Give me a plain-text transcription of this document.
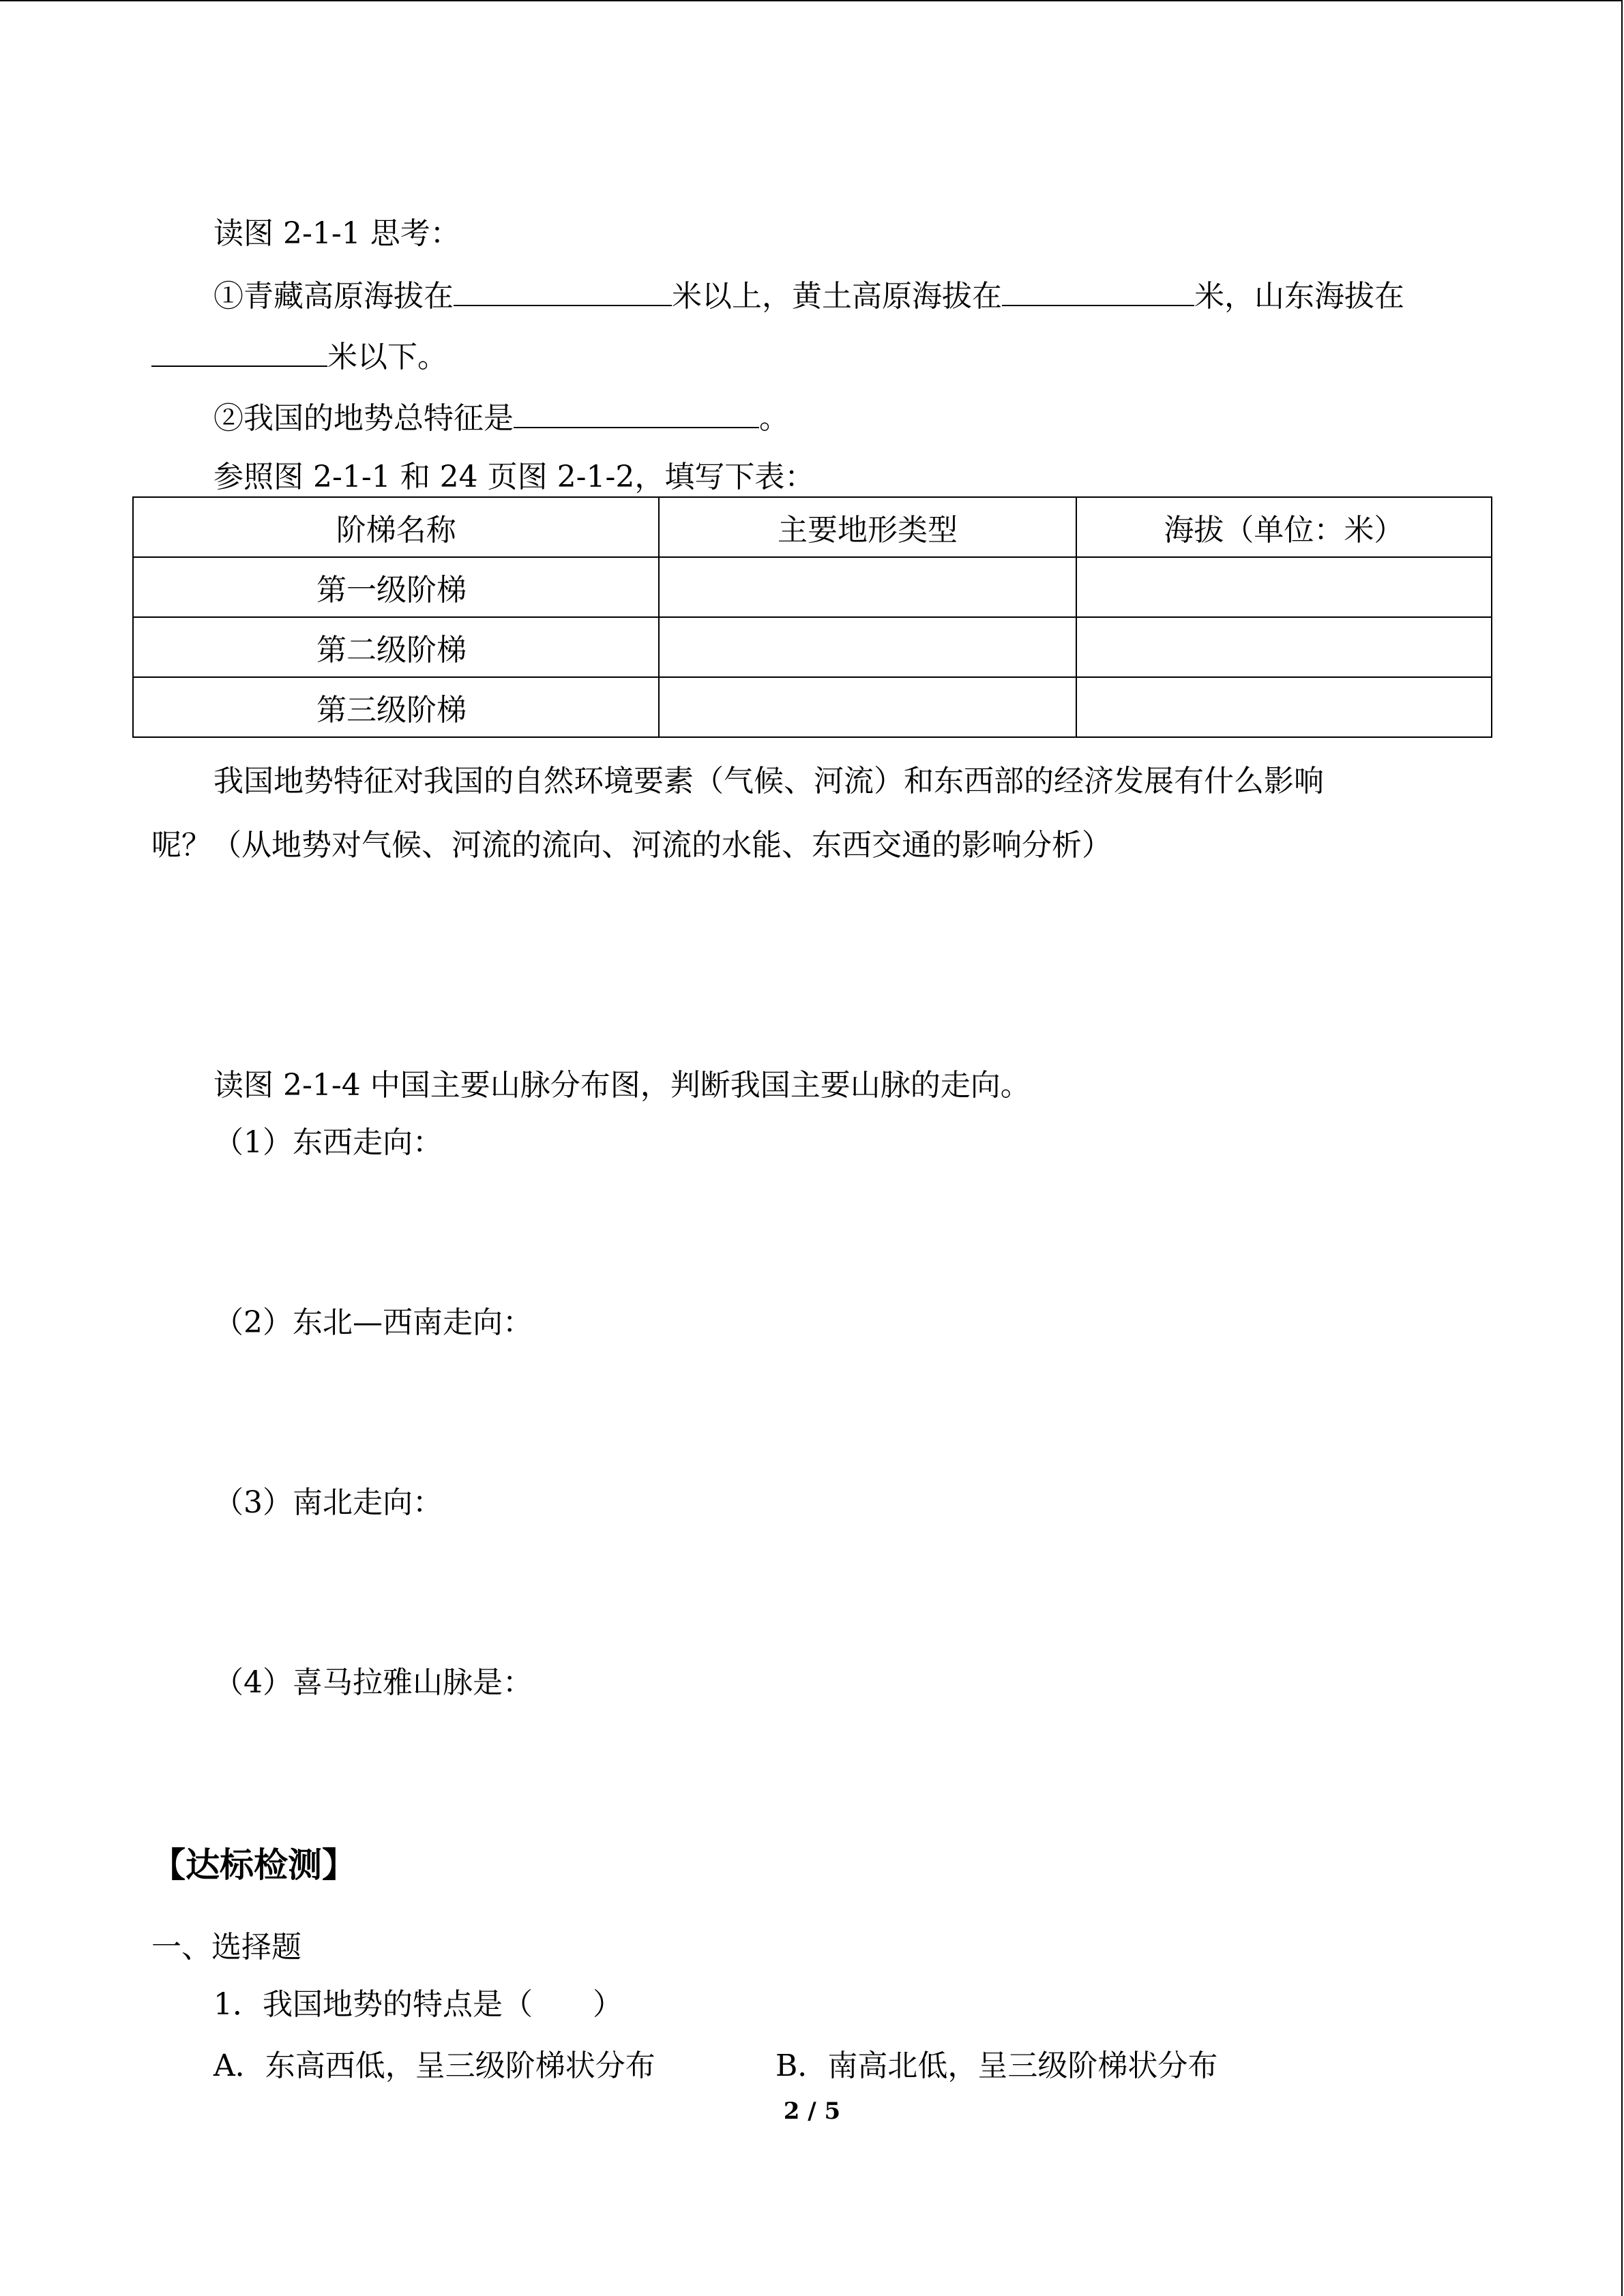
读图 2-1-1 思考：
①青藏高原海拔在	米以上，黄土高原海拔在	米，山东海拔在
米以下。
②我国的地势总特征是	。
参照图 2-1-1 和 24 页图 2-1-2，填写下表：
阶梯名称	主要地形类型	海拔（单位：米）
第一级阶梯		
第二级阶梯		
第三级阶梯		
我国地势特征对我国的自然环境要素（气候、河流）和东西部的经济发展有什么影响
呢？（从地势对气候、河流的流向、河流的水能、东西交通的影响分析）
读图 2-1-4 中国主要山脉分布图，判断我国主要山脉的走向。
（1）东西走向：
（2）东北—西南走向：
（3）南北走向：
（4）喜马拉雅山脉是：
【达标检测】
一、选择题
1．我国地势的特点是（　　）
A．东高西低，呈三级阶梯状分布	B．南高北低，呈三级阶梯状分布
2 / 5
